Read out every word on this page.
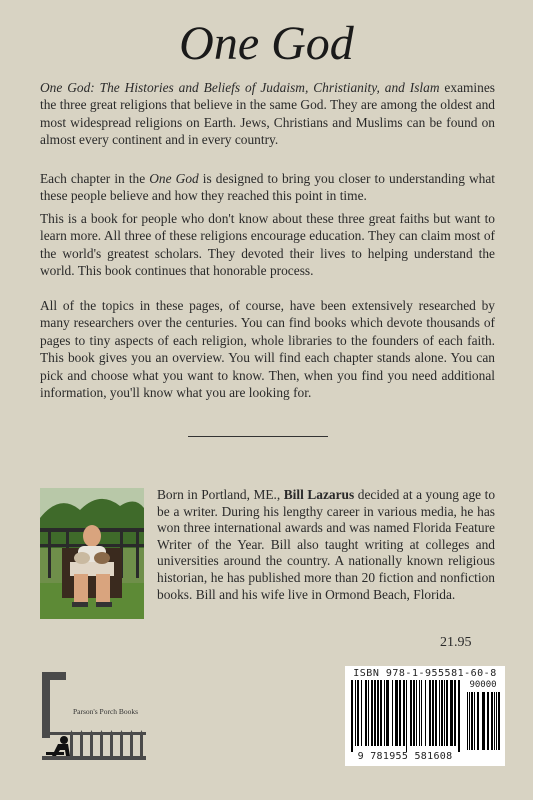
One God

One God: The Histories and Beliefs of Judaism, Christianity, and Islam examines the three great religions that believe in the same God. They are among the oldest and most widespread religions on Earth. Jews, Christians and Muslims can be found on almost every continent and in every country.

Each chapter in the One God is designed to bring you closer to understanding what these people believe and how they reached this point in time.

This is a book for people who don't know about these three great faiths but want to learn more. All three of these religions encourage education. They can claim most of the world's greatest scholars. They devoted their lives to helping understand the world. This book continues that honorable process.

All of the topics in these pages, of course, have been extensively researched by many researchers over the centuries. You can find books which devote thousands of pages to tiny aspects of each religion, whole libraries to the founders of each faith. This book gives you an overview. You will find each chapter stands alone. You can pick and choose what you want to know. Then, when you find you need additional information, you'll know what you are looking for.

Born in Portland, ME., Bill Lazarus decided at a young age to be a writer. During his lengthy career in various media, he has won three international awards and was named Florida Feature Writer of the Year. Bill also taught writing at colleges and universities around the country. A nationally known religious historian, he has published more than 20 fiction and nonfiction books. Bill and his wife live in Ormond Beach, Florida.

21.95
Parson's Porch Books
ISBN 978-1-955581-60-8
90000
9 781955 581608
